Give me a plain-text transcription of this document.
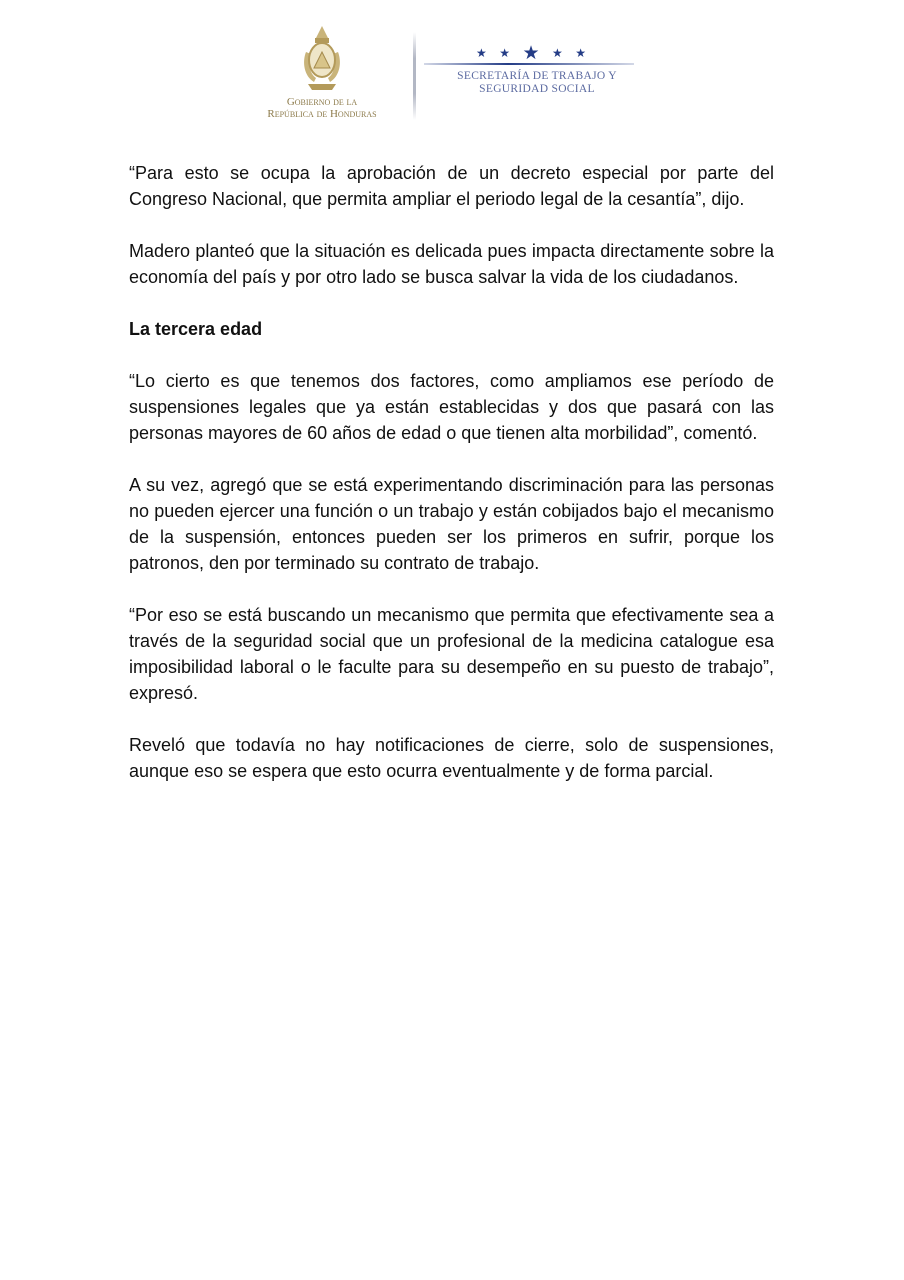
Gobierno de la
República de Honduras
★ ★ ★ ★ ★
SECRETARÍA DE TRABAJO Y
SEGURIDAD SOCIAL

“Para esto se ocupa la aprobación de un decreto especial por parte del Congreso Nacional, que permita ampliar el periodo legal de la cesantía”, dijo.

Madero planteó que la situación es delicada pues impacta directamente sobre la economía del país y por otro lado se busca salvar la vida de los ciudadanos.

La tercera edad

“Lo cierto es que tenemos dos factores, como ampliamos ese período de suspensiones legales que ya están establecidas y dos que pasará con las personas mayores de 60 años de edad o que tienen alta morbilidad”, comentó.

A su vez, agregó que se está experimentando discriminación para las personas no pueden ejercer una función o un trabajo y están cobijados bajo el mecanismo de la suspensión, entonces pueden ser los primeros en sufrir, porque los patronos, den por terminado su contrato de trabajo.

“Por eso se está buscando un mecanismo que permita que efectivamente sea a través de la seguridad social que un profesional de la medicina catalogue esa imposibilidad laboral o le faculte para su desempeño en su puesto de trabajo”, expresó.

Reveló que todavía no hay notificaciones de cierre, solo de suspensiones, aunque eso se espera que esto ocurra eventualmente y de forma parcial.
